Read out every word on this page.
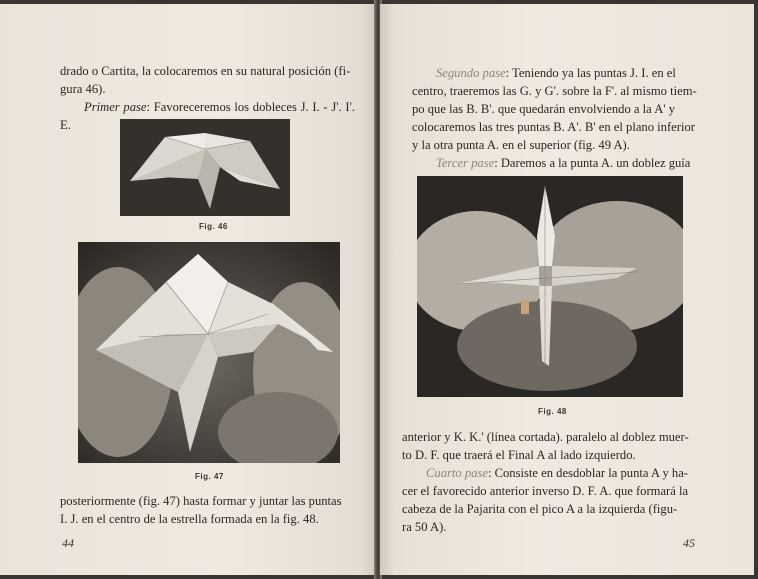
drado o Cartita, la colocaremos en su natural posición (fi-

gura 46).

Primer pase: Favoreceremos los dobleces J. I. - J'. I'. E.

Fig. 46
Fig. 47

posteriormente (fig. 47) hasta formar y juntar las puntas

I. J. en el centro de la estrella formada en la fig. 48.

44

Segundo pase: Teniendo ya las puntas J. I. en el

centro, traeremos las G. y G'. sobre la F'. al mismo tiem-

po que las B. B'. que quedarán envolviendo a la A' y

colocaremos las tres puntas B. A'. B' en el plano inferior

y la otra punta A. en el superior (fig. 49 A).

Tercer pase: Daremos a la punta A. un doblez guía

Fig. 48

anterior y K. K.' (línea cortada). paralelo al doblez muer-

to D. F. que traerá el Final A al lado izquierdo.

Cuarto pase: Consiste en desdoblar la punta A y ha-

cer el favorecido anterior inverso D. F. A. que formará la

cabeza de la Pajarita con el pico A a la izquierda (figu-

ra 50 A).

45
